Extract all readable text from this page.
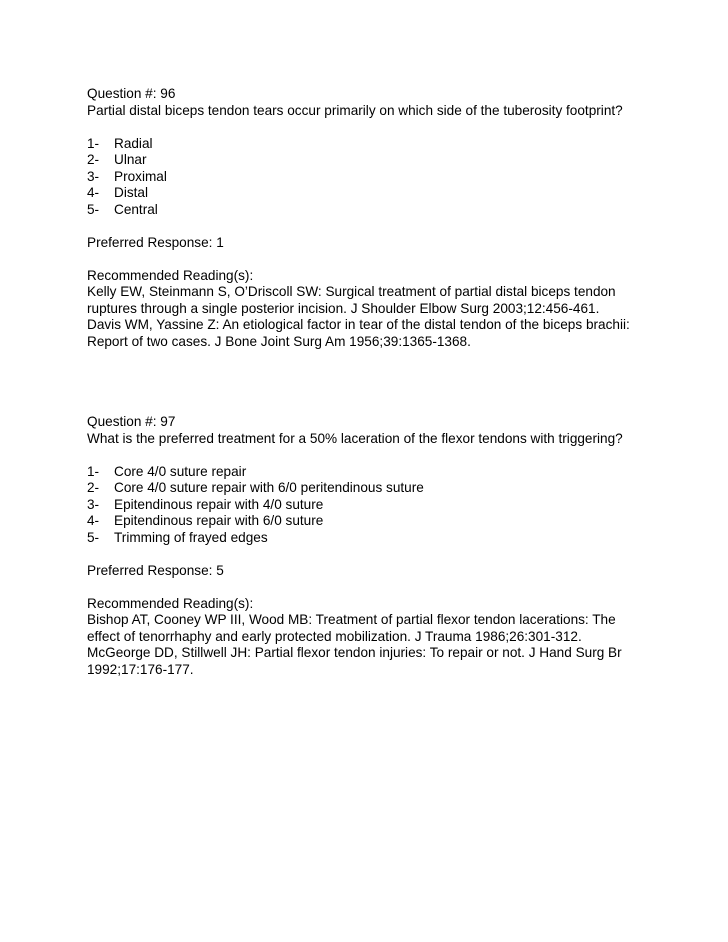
Question #: 96

Partial distal biceps tendon tears occur primarily on which side of the tuberosity footprint?

1-	Radial
2-	Ulnar
3-	Proximal
4-	Distal
5-	Central

Preferred Response: 1

Recommended Reading(s):

Kelly EW, Steinmann S, O’Driscoll SW: Surgical treatment of partial distal biceps tendon

ruptures through a single posterior incision. J Shoulder Elbow Surg 2003;12:456-461.

Davis WM, Yassine Z: An etiological factor in tear of the distal tendon of the biceps brachii:

Report of two cases. J Bone Joint Surg Am 1956;39:1365-1368.

Question #: 97

What is the preferred treatment for a 50% laceration of the flexor tendons with triggering?

1-	Core 4/0 suture repair
2-	Core 4/0 suture repair with 6/0 peritendinous suture
3-	Epitendinous repair with 4/0 suture
4-	Epitendinous repair with 6/0 suture
5-	Trimming of frayed edges

Preferred Response: 5

Recommended Reading(s):

Bishop AT, Cooney WP III, Wood MB: Treatment of partial flexor tendon lacerations: The

effect of tenorrhaphy and early protected mobilization. J Trauma 1986;26:301-312.

McGeorge DD, Stillwell JH: Partial flexor tendon injuries: To repair or not. J Hand Surg Br

1992;17:176-177.
